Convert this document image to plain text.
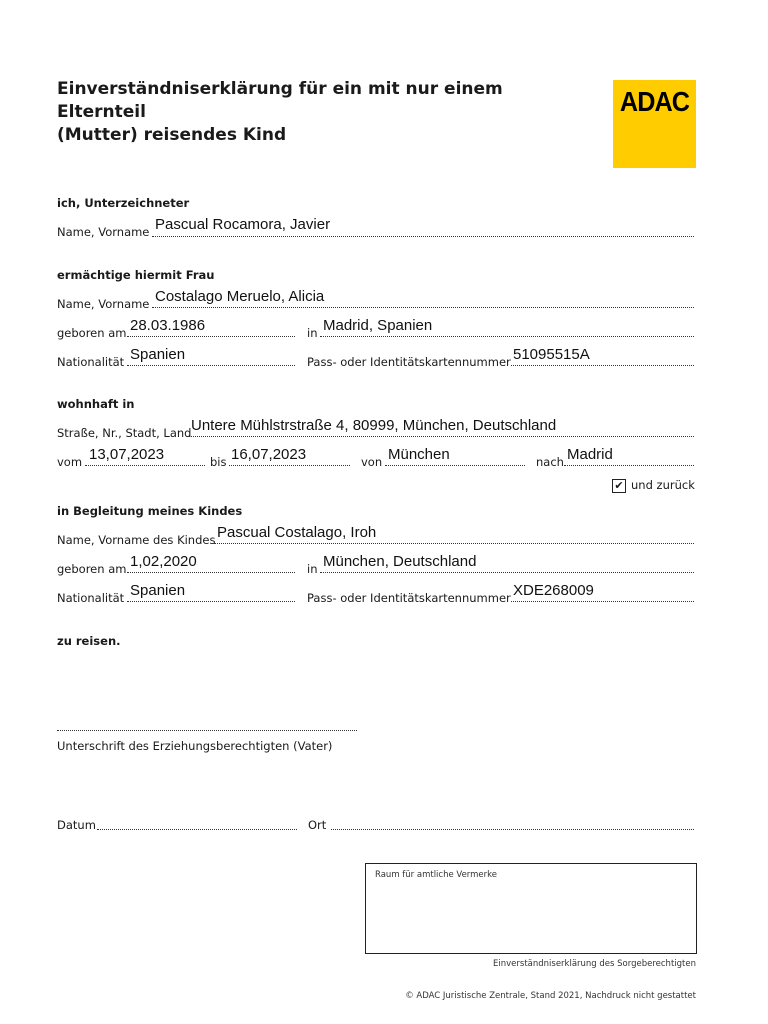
Einverständniserklärung für ein mit nur einem Elternteil
(Mutter) reisendes Kind
ADAC
ich, Unterzeichneter
Name, Vorname Pascual Rocamora, Javier
ermächtige hiermit Frau
Name, Vorname Costalago Meruelo, Alicia
geboren am 28.03.1986	in Madrid, Spanien
Nationalität Spanien	Pass- oder Identitätskartennummer 51095515A
wohnhaft in
Straße, Nr., Stadt, Land Untere Mühlstrstraße 4, 80999, München, Deutschland
vom 13,07,2023	bis 16,07,2023	von München	nach Madrid
✔ und zurück
in Begleitung meines Kindes
Name, Vorname des Kindes Pascual Costalago, Iroh
geboren am 1,02,2020	in München, Deutschland
Nationalität Spanien	Pass- oder Identitätskartennummer XDE268009
zu reisen.
Unterschrift des Erziehungsberechtigten (Vater)
Datum	Ort
Raum für amtliche Vermerke
Einverständniserklärung des Sorgeberechtigten
© ADAC Juristische Zentrale, Stand 2021, Nachdruck nicht gestattet
